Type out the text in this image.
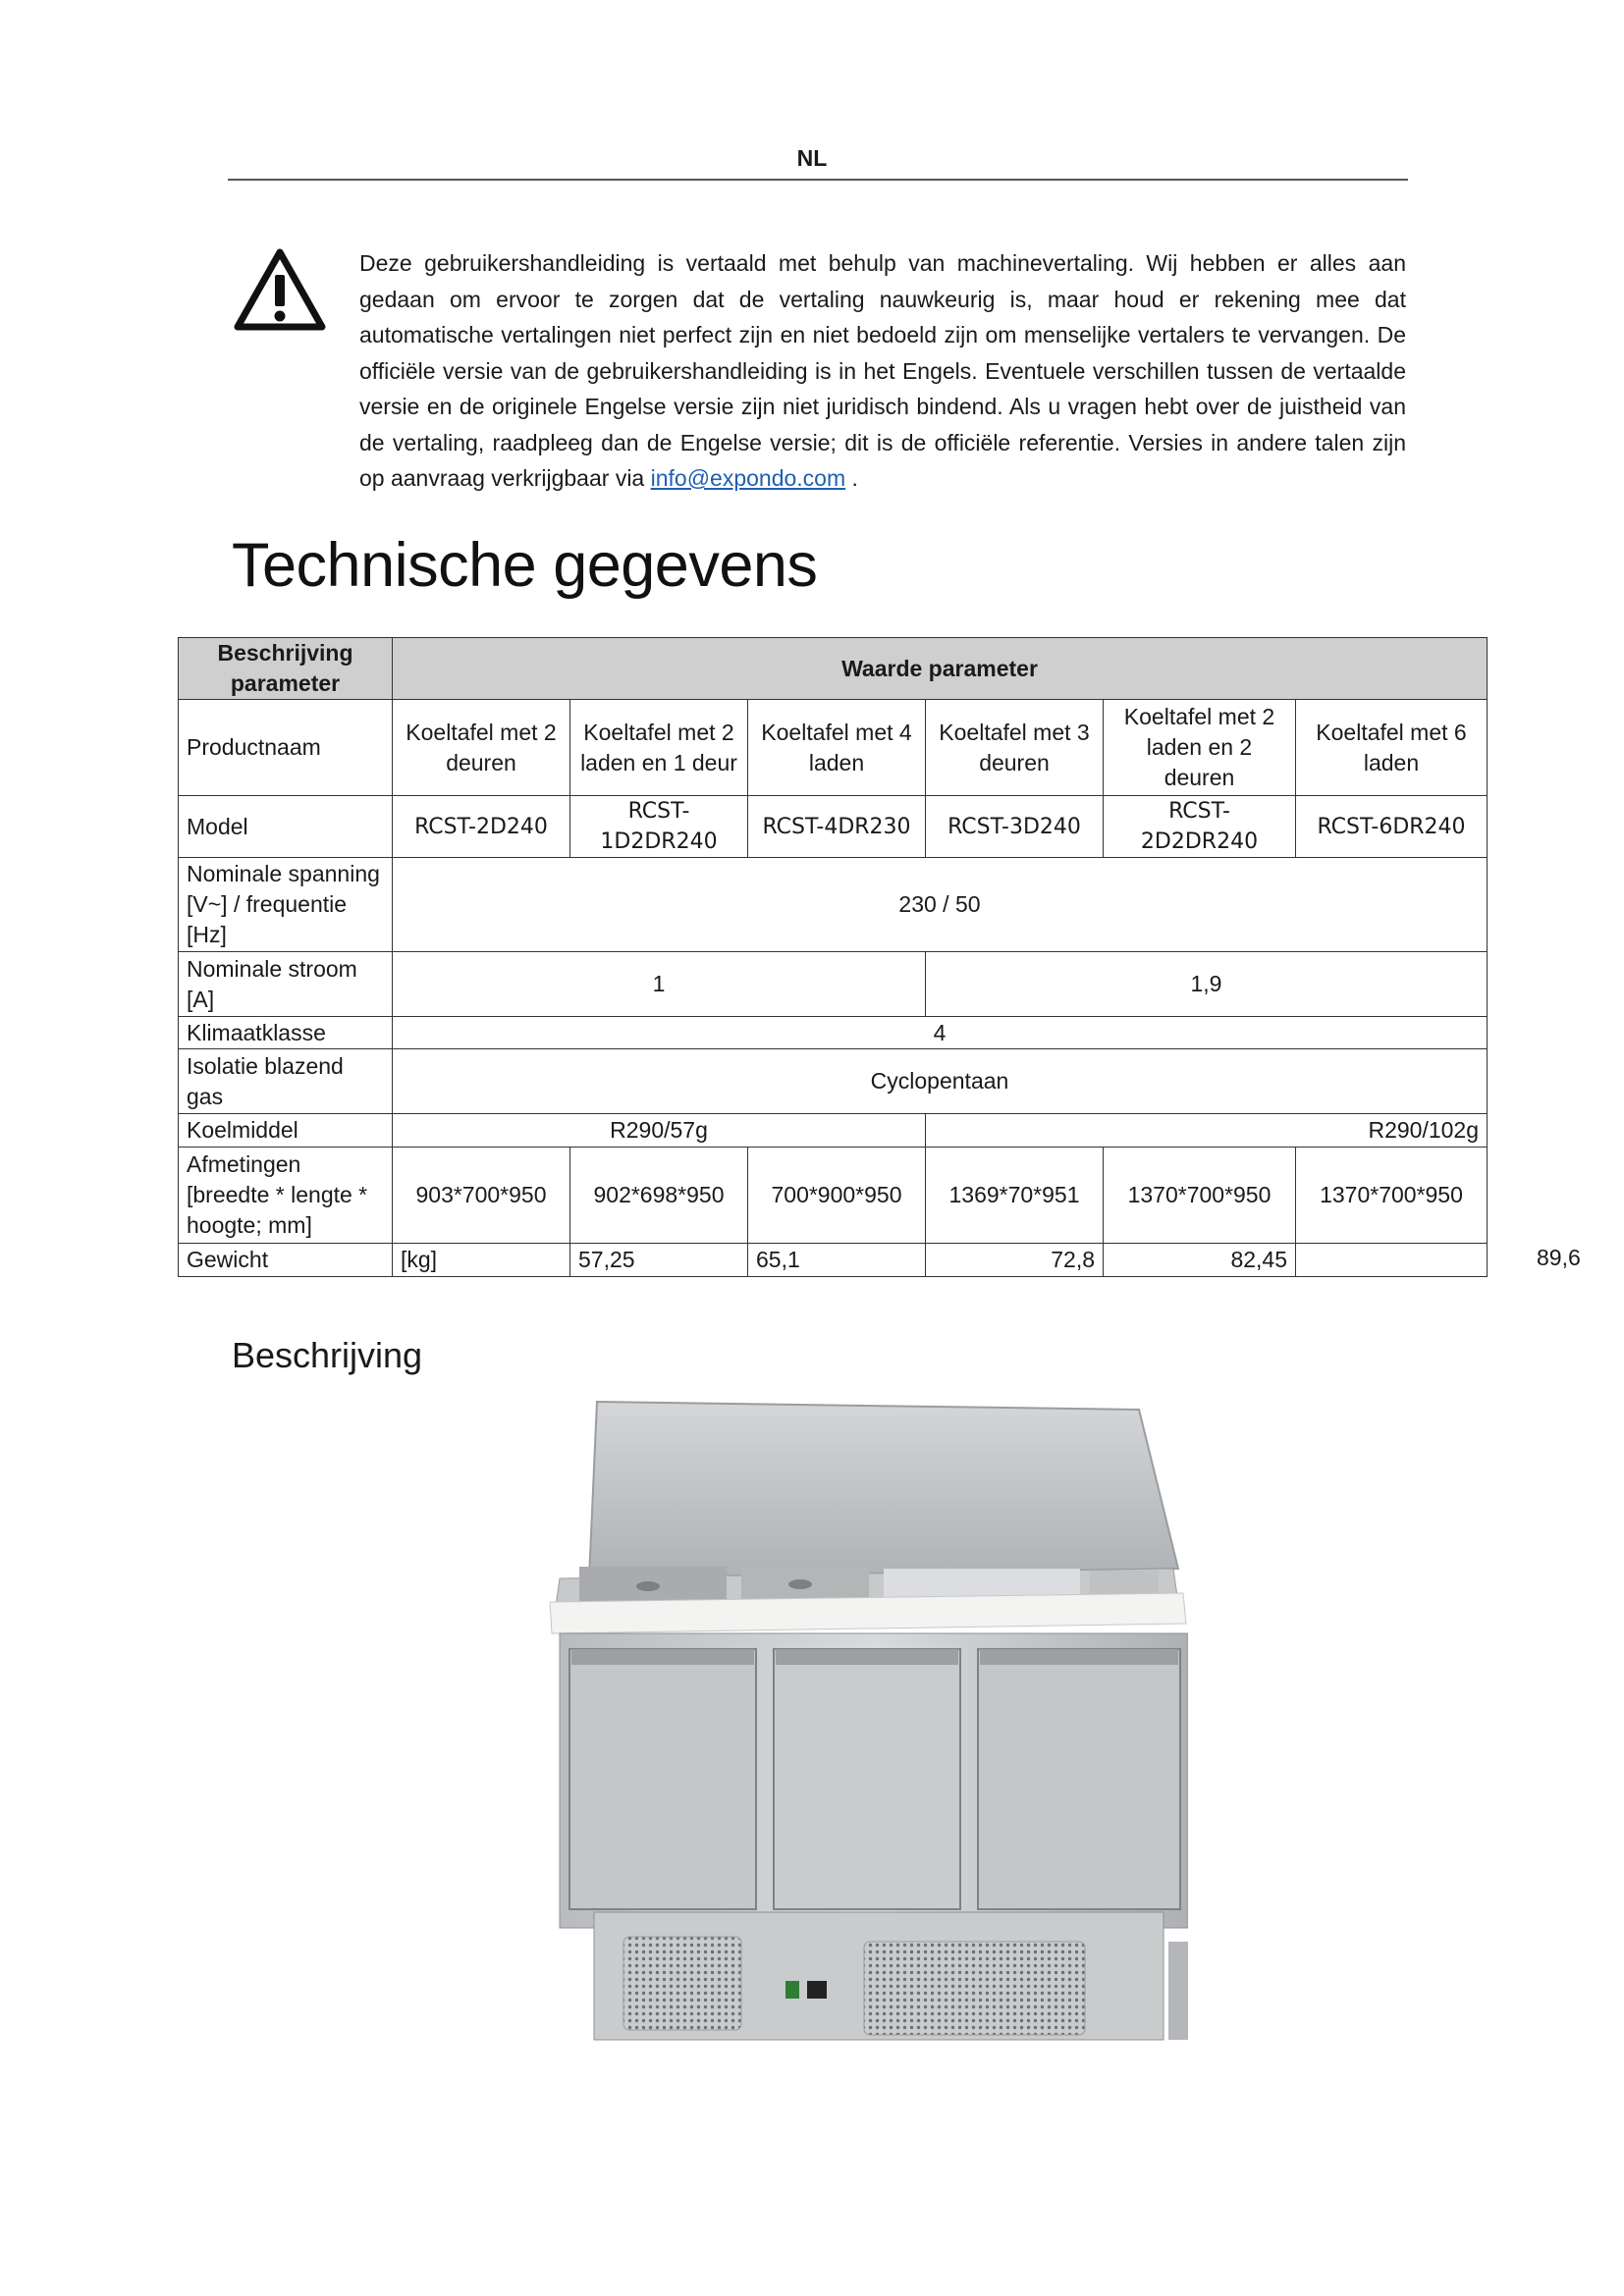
NL
Deze gebruikershandleiding is vertaald met behulp van machinevertaling. Wij hebben er alles aan gedaan om ervoor te zorgen dat de vertaling nauwkeurig is, maar houd er rekening mee dat automatische vertalingen niet perfect zijn en niet bedoeld zijn om menselijke vertalers te vervangen. De officiële versie van de gebruikershandleiding is in het Engels. Eventuele verschillen tussen de vertaalde versie en de originele Engelse versie zijn niet juridisch bindend. Als u vragen hebt over de juistheid van de vertaling, raadpleeg dan de Engelse versie; dit is de officiële referentie. Versies in andere talen zijn op aanvraag verkrijgbaar via info@expondo.com .
Technische gegevens
Beschrijving parameter	Waarde parameter					
Productnaam	Koeltafel met 2 deuren	Koeltafel met 2 laden en 1 deur	Koeltafel met 4 laden	Koeltafel met 3 deuren	Koeltafel met 2 laden en 2 deuren	Koeltafel met 6 laden
Model	RCST-2D240	RCST-1D2DR240	RCST-4DR230	RCST-3D240	RCST-2D2DR240	RCST-6DR240
Nominale spanning [V~] / frequentie [Hz]	230 / 50					
Nominale stroom [A]	1			1,9		
Klimaatklasse	4					
Isolatie blazend gas	Cyclopentaan					
Koelmiddel	R290/57g			R290/102g		
Afmetingen [breedte * lengte * hoogte; mm]	903*700*950	902*698*950	700*900*950	1369*70*951	1370*700*950	1370*700*950
Gewicht	[kg]	57,25	65,1	72,8	82,45		89,6
Beschrijving
